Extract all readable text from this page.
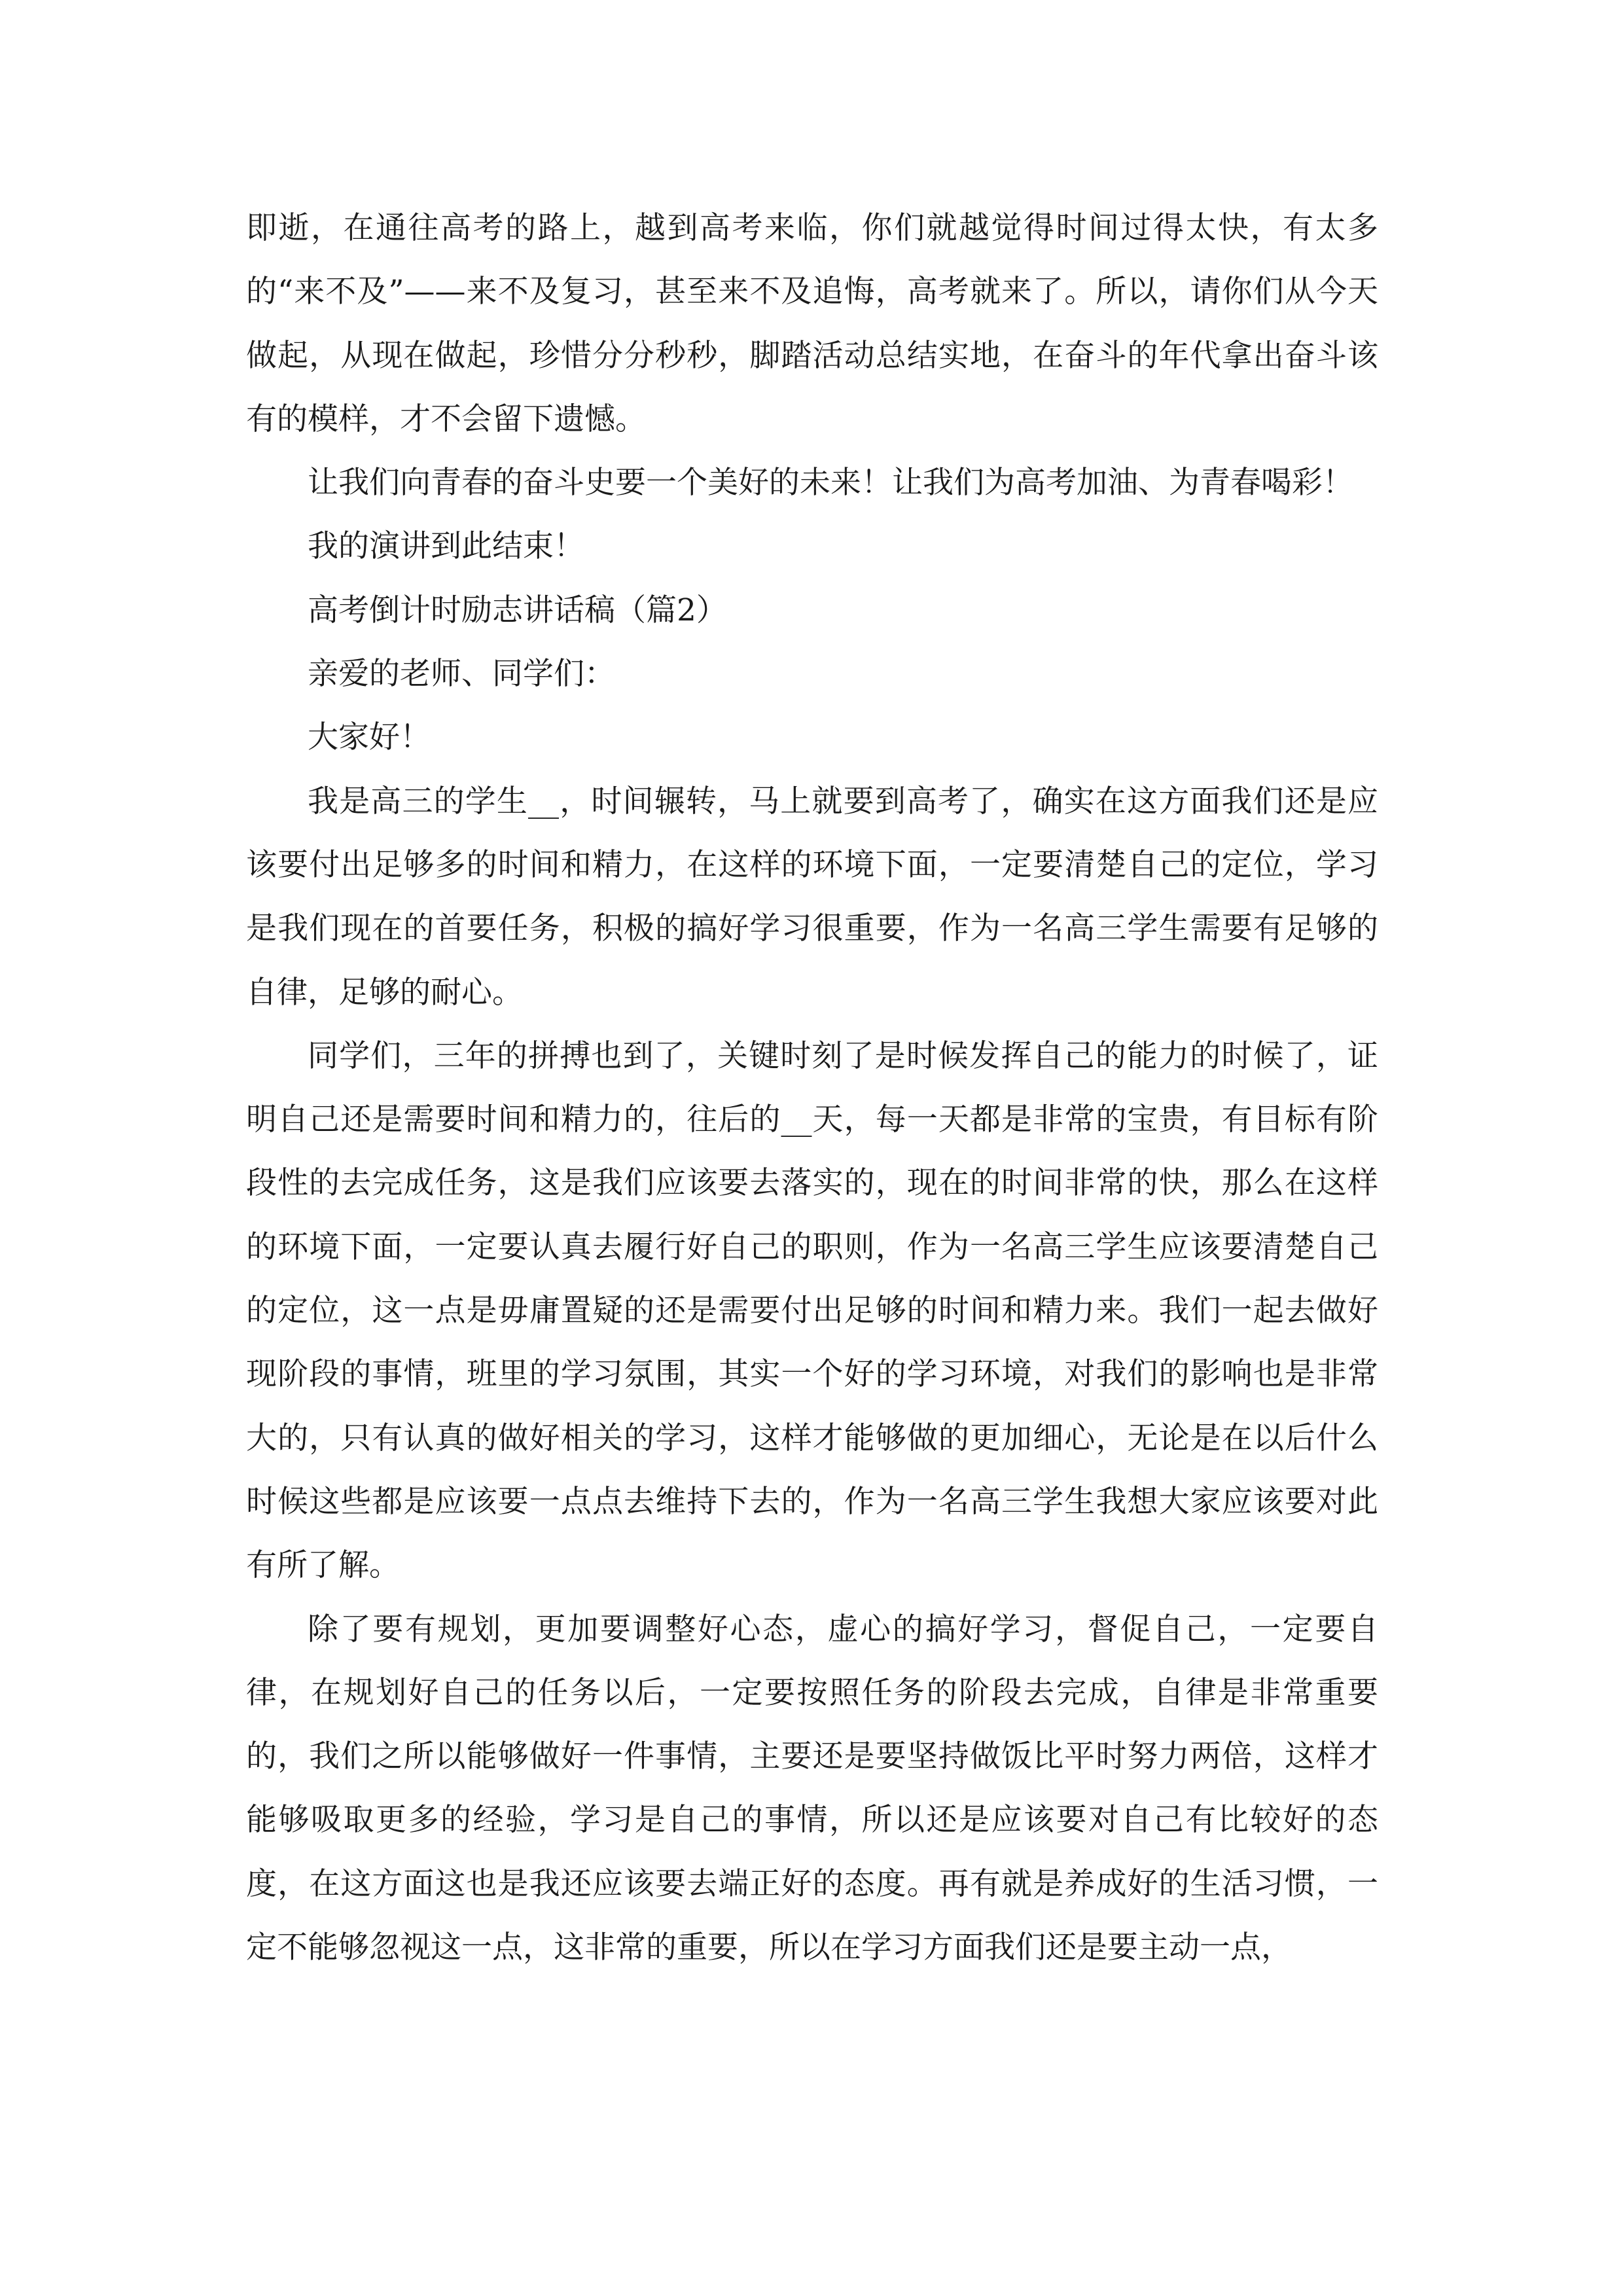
即逝，在通往高考的路上，越到高考来临，你们就越觉得时间过得太快，有太多的“来不及”——来不及复习，甚至来不及追悔，高考就来了。所以，请你们从今天做起，从现在做起，珍惜分分秒秒，脚踏活动总结实地，在奋斗的年代拿出奋斗该有的模样，才不会留下遗憾。

让我们向青春的奋斗史要一个美好的未来！让我们为高考加油、为青春喝彩！

我的演讲到此结束！

高考倒计时励志讲话稿（篇2）

亲爱的老师、同学们：

大家好！

我是高三的学生__，时间辗转，马上就要到高考了，确实在这方面我们还是应该要付出足够多的时间和精力，在这样的环境下面，一定要清楚自己的定位，学习是我们现在的首要任务，积极的搞好学习很重要，作为一名高三学生需要有足够的自律，足够的耐心。

同学们，三年的拼搏也到了，关键时刻了是时候发挥自己的能力的时候了，证明自己还是需要时间和精力的，往后的__天，每一天都是非常的宝贵，有目标有阶段性的去完成任务，这是我们应该要去落实的，现在的时间非常的快，那么在这样的环境下面，一定要认真去履行好自己的职则，作为一名高三学生应该要清楚自己的定位，这一点是毋庸置疑的还是需要付出足够的时间和精力来。我们一起去做好现阶段的事情，班里的学习氛围，其实一个好的学习环境，对我们的影响也是非常大的，只有认真的做好相关的学习，这样才能够做的更加细心，无论是在以后什么时候这些都是应该要一点点去维持下去的，作为一名高三学生我想大家应该要对此有所了解。

除了要有规划，更加要调整好心态，虚心的搞好学习，督促自己，一定要自律，在规划好自己的任务以后，一定要按照任务的阶段去完成，自律是非常重要的，我们之所以能够做好一件事情，主要还是要坚持做饭比平时努力两倍，这样才能够吸取更多的经验，学习是自己的事情，所以还是应该要对自己有比较好的态度，在这方面这也是我还应该要去端正好的态度。再有就是养成好的生活习惯，一定不能够忽视这一点，这非常的重要，所以在学习方面我们还是要主动一点，
